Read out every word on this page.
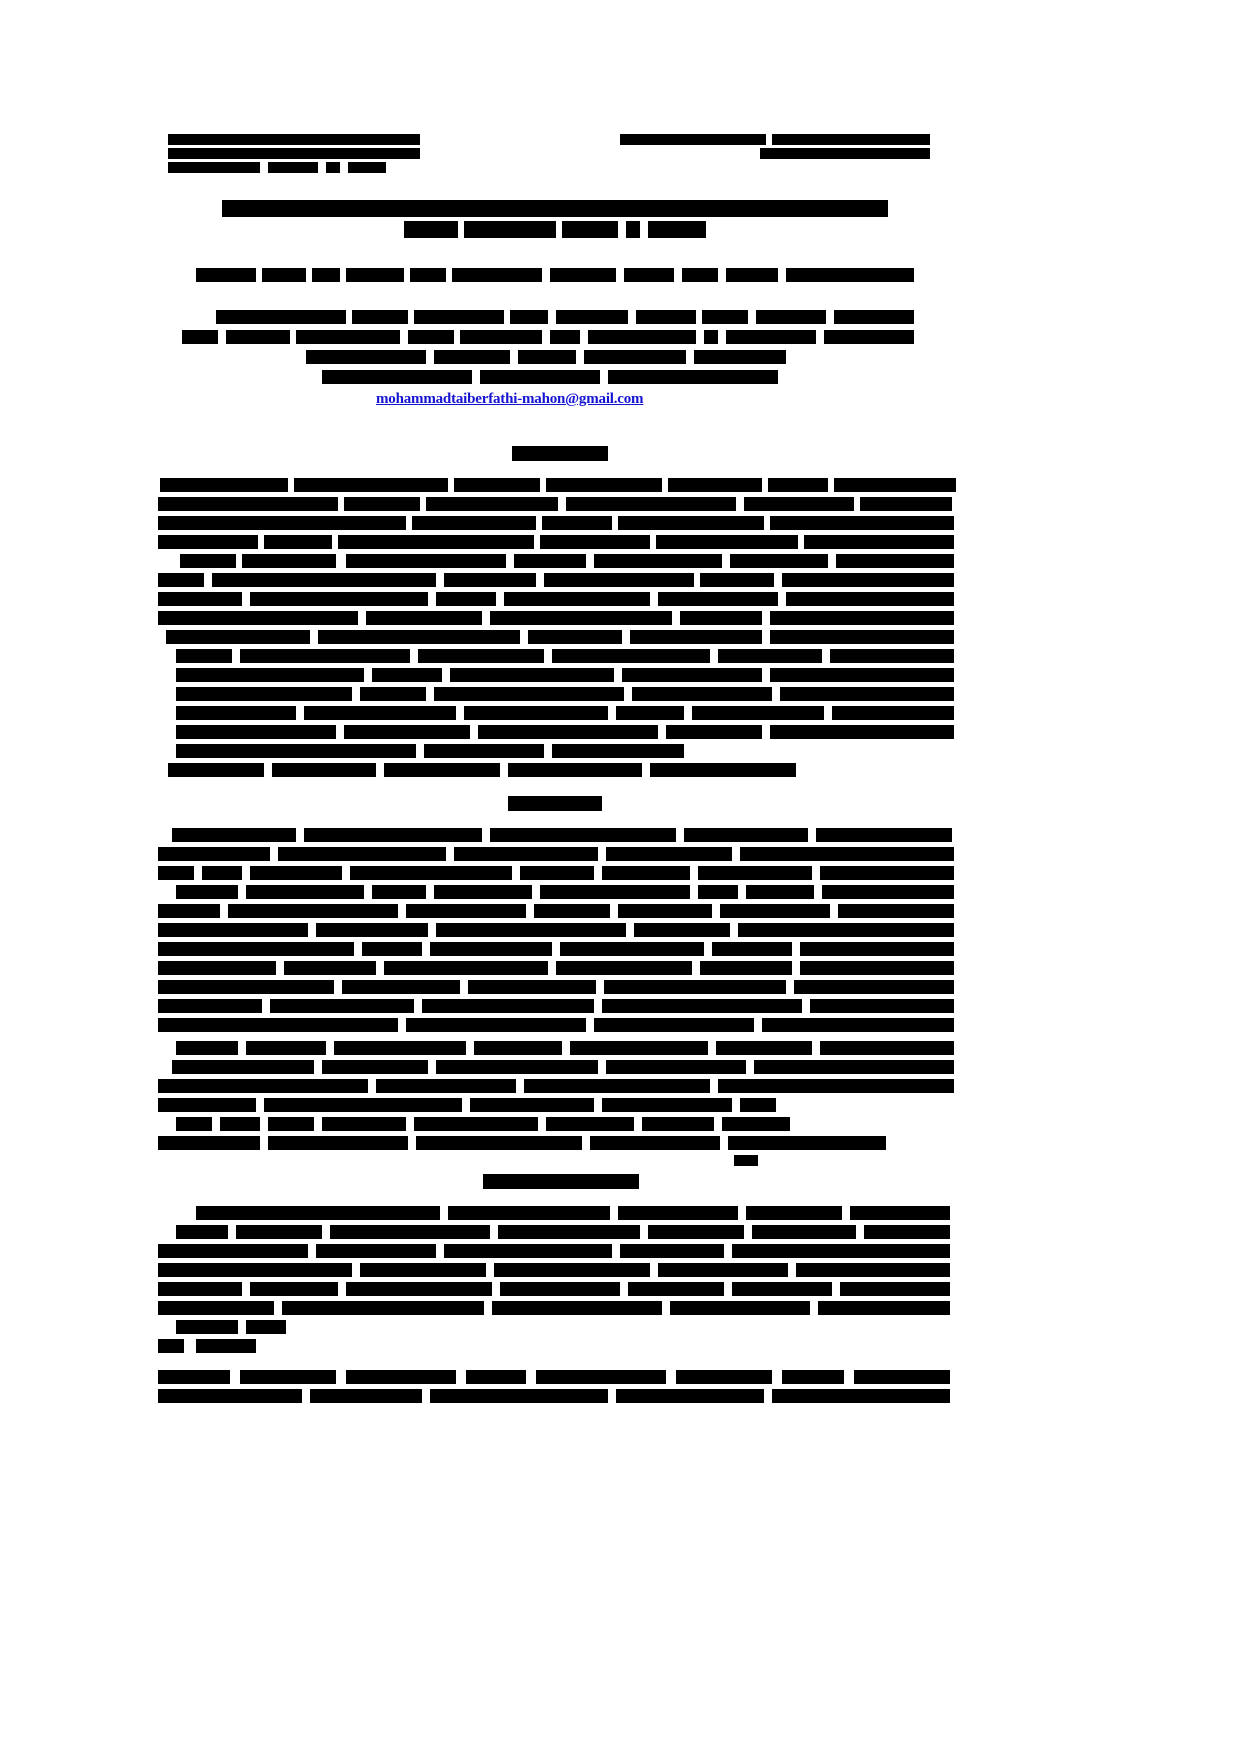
mohammadtaiberfathi-mahon@gmail.com
